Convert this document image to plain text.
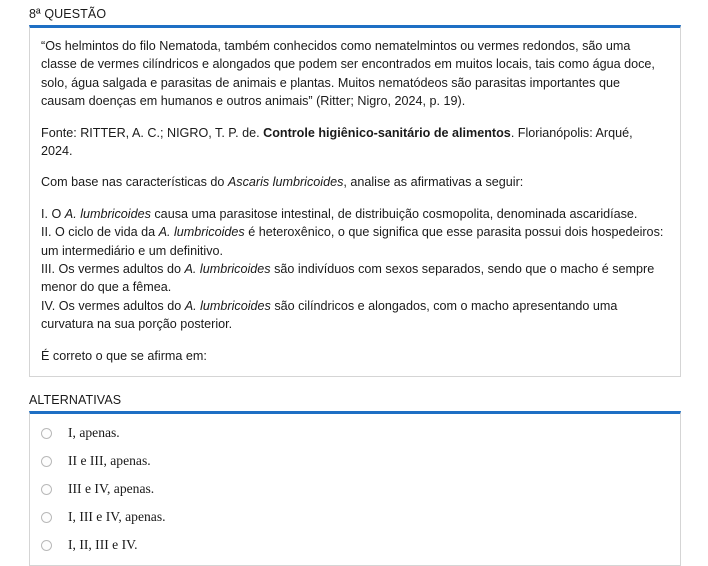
8ª QUESTÃO

“Os helmintos do filo Nematoda, também conhecidos como nematelmintos ou vermes redondos, são uma classe de vermes cilíndricos e alongados que podem ser encontrados em muitos locais, tais como água doce, solo, água salgada e parasitas de animais e plantas. Muitos nematódeos são parasitas importantes que causam doenças em humanos e outros animais” (Ritter; Nigro, 2024, p. 19).

Fonte: RITTER, A. C.; NIGRO, T. P. de. Controle higiênico-sanitário de alimentos. Florianópolis: Arqué, 2024.

Com base nas características do Ascaris lumbricoides, analise as afirmativas a seguir:

I. O A. lumbricoides causa uma parasitose intestinal, de distribuição cosmopolita, denominada ascaridíase.
II. O ciclo de vida da A. lumbricoides é heteroxênico, o que significa que esse parasita possui dois hospedeiros: um intermediário e um definitivo.
III. Os vermes adultos do A. lumbricoides são indivíduos com sexos separados, sendo que o macho é sempre menor do que a fêmea.
IV. Os vermes adultos do A. lumbricoides são cilíndricos e alongados, com o macho apresentando uma curvatura na sua porção posterior.

É correto o que se afirma em:

ALTERNATIVAS
I, apenas.
II e III, apenas.
III e IV, apenas.
I, III e IV, apenas.
I, II, III e IV.
